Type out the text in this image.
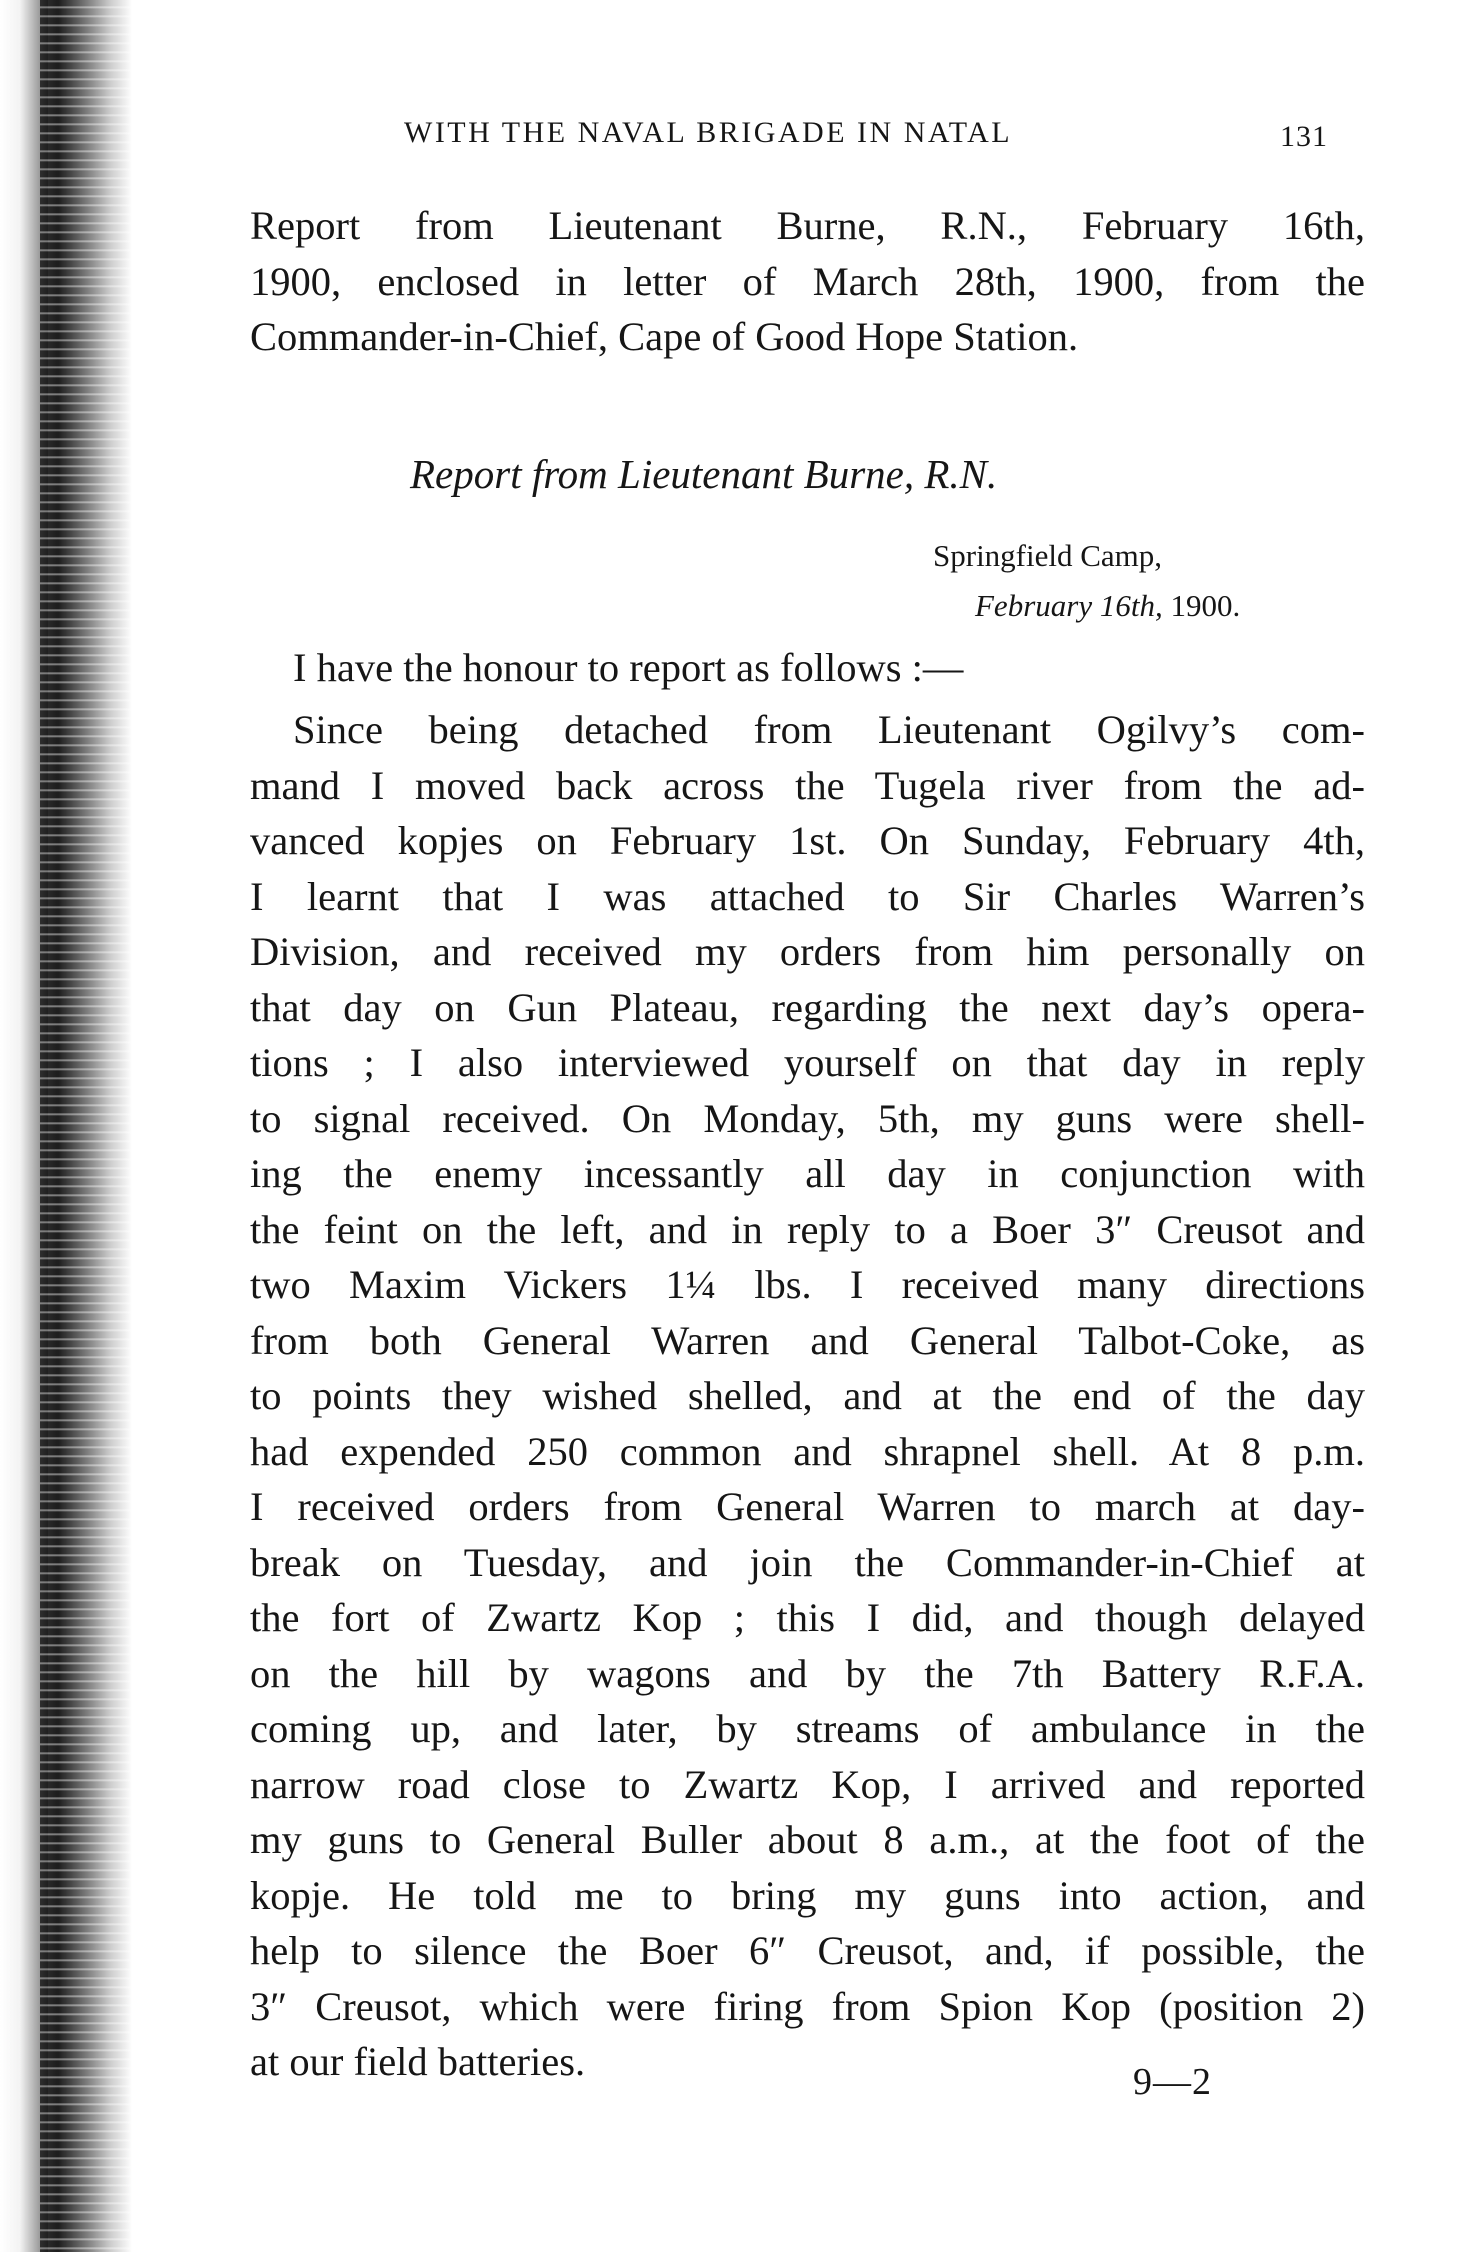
WITH THE NAVAL BRIGADE IN NATAL	131
Report from Lieutenant Burne, R.N., February 16th,
1900, enclosed in letter of March 28th, 1900, from the
Commander-in-Chief, Cape of Good Hope Station.
Report from Lieutenant Burne, R.N.
Springfield Camp,
February 16th, 1900.
I have the honour to report as follows :—
Since being detached from Lieutenant Ogilvy’s com-
mand I moved back across the Tugela river from the ad-
vanced kopjes on February 1st. On Sunday, February 4th,
I learnt that I was attached to Sir Charles Warren’s
Division, and received my orders from him personally on
that day on Gun Plateau, regarding the next day’s opera-
tions ; I also interviewed yourself on that day in reply
to signal received. On Monday, 5th, my guns were shell-
ing the enemy incessantly all day in conjunction with
the feint on the left, and in reply to a Boer 3″ Creusot and
two Maxim Vickers 1¼ lbs. I received many directions
from both General Warren and General Talbot-Coke, as
to points they wished shelled, and at the end of the day
had expended 250 common and shrapnel shell. At 8 p.m.
I received orders from General Warren to march at day-
break on Tuesday, and join the Commander-in-Chief at
the fort of Zwartz Kop ; this I did, and though delayed
on the hill by wagons and by the 7th Battery R.F.A.
coming up, and later, by streams of ambulance in the
narrow road close to Zwartz Kop, I arrived and reported
my guns to General Buller about 8 a.m., at the foot of the
kopje. He told me to bring my guns into action, and
help to silence the Boer 6″ Creusot, and, if possible, the
3″ Creusot, which were firing from Spion Kop (position 2)
at our field batteries.	9—2
